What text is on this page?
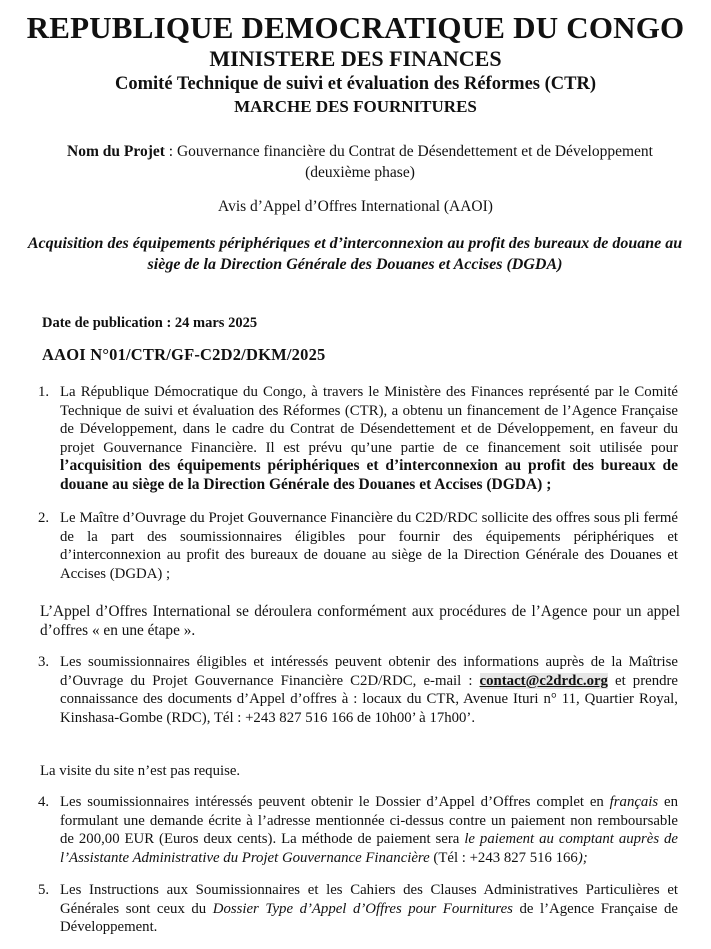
REPUBLIQUE DEMOCRATIQUE DU CONGO
MINISTERE DES FINANCES
Comité Technique de suivi et évaluation des Réformes (CTR)
MARCHE DES FOURNITURES
Nom du Projet : Gouvernance financière du Contrat de Désendettement et de Développement (deuxième phase)
Avis d’Appel d’Offres International (AAOI)
Acquisition des équipements périphériques et d’interconnexion au profit des bureaux de douane au siège de la Direction Générale des Douanes et Accises (DGDA)
Date de publication : 24 mars 2025
AAOI N°01/CTR/GF-C2D2/DKM/2025
1. La République Démocratique du Congo, à travers le Ministère des Finances représenté par le Comité Technique de suivi et évaluation des Réformes (CTR), a obtenu un financement de l’Agence Française de Développement, dans le cadre du Contrat de Désendettement et de Développement, en faveur du projet Gouvernance Financière. Il est prévu qu’une partie de ce financement soit utilisée pour l’acquisition des équipements périphériques et d’interconnexion au profit des bureaux de douane au siège de la Direction Générale des Douanes et Accises (DGDA) ;
2. Le Maître d’Ouvrage du Projet Gouvernance Financière du C2D/RDC sollicite des offres sous pli fermé de la part des soumissionnaires éligibles pour fournir des équipements périphériques et d’interconnexion au profit des bureaux de douane au siège de la Direction Générale des Douanes et Accises (DGDA) ;
L’Appel d’Offres International se déroulera conformément aux procédures de l’Agence pour un appel d’offres « en une étape ».
3. Les soumissionnaires éligibles et intéressés peuvent obtenir des informations auprès de la Maîtrise d’Ouvrage du Projet Gouvernance Financière C2D/RDC, e-mail : contact@c2drdc.org et prendre connaissance des documents d’Appel d’offres à : locaux du CTR, Avenue Ituri n° 11, Quartier Royal, Kinshasa-Gombe (RDC), Tél : +243 827 516 166 de 10h00’ à 17h00’.
La visite du site n’est pas requise.
4. Les soumissionnaires intéressés peuvent obtenir le Dossier d’Appel d’Offres complet en français en formulant une demande écrite à l’adresse mentionnée ci-dessus contre un paiement non remboursable de 200,00 EUR (Euros deux cents). La méthode de paiement sera le paiement au comptant auprès de l’Assistante Administrative du Projet Gouvernance Financière (Tél : +243 827 516 166);
5. Les Instructions aux Soumissionnaires et les Cahiers des Clauses Administratives Particulières et Générales sont ceux du Dossier Type d’Appel d’Offres pour Fournitures de l’Agence Française de Développement.
